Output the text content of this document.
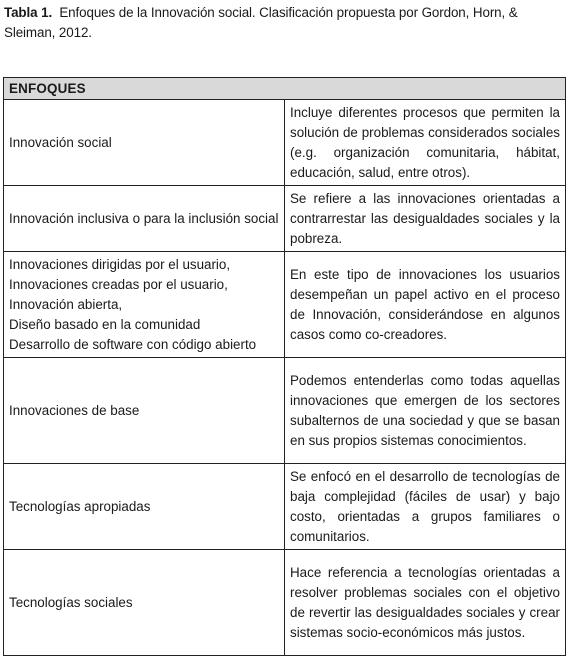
Tabla 1. Enfoques de la Innovación social. Clasificación propuesta por Gordon, Horn, & Sleiman, 2012.
ENFOQUES	

Innovación social	Incluye diferentes procesos que permiten la solución de problemas considerados sociales (e.g. organización comunitaria, hábitat, educación, salud, entre otros).
Innovación inclusiva o para la inclusión social	Se refiere a las innovaciones orientadas a contrarrestar las desigualdades sociales y la pobreza.

Innovaciones dirigidas por el usuario,
Innovaciones creadas por el usuario,
Innovación abierta,
Diseño basado en la comunidad
Desarrollo de software con código abierto	En este tipo de innovaciones los usuarios desempeñan un papel activo en el proceso de Innovación, considerándose en algunos casos como co-creadores.

Innovaciones de base	Podemos entenderlas como todas aquellas innovaciones que emergen de los sectores subalternos de una sociedad y que se basan en sus propios sistemas conocimientos.

Tecnologías apropiadas	Se enfocó en el desarrollo de tecnologías de baja complejidad (fáciles de usar) y bajo costo, orientadas a grupos familiares o comunitarios.

Tecnologías sociales	Hace referencia a tecnologías orientadas a resolver problemas sociales con el objetivo de revertir las desigualdades sociales y crear sistemas socio-económicos más justos.
